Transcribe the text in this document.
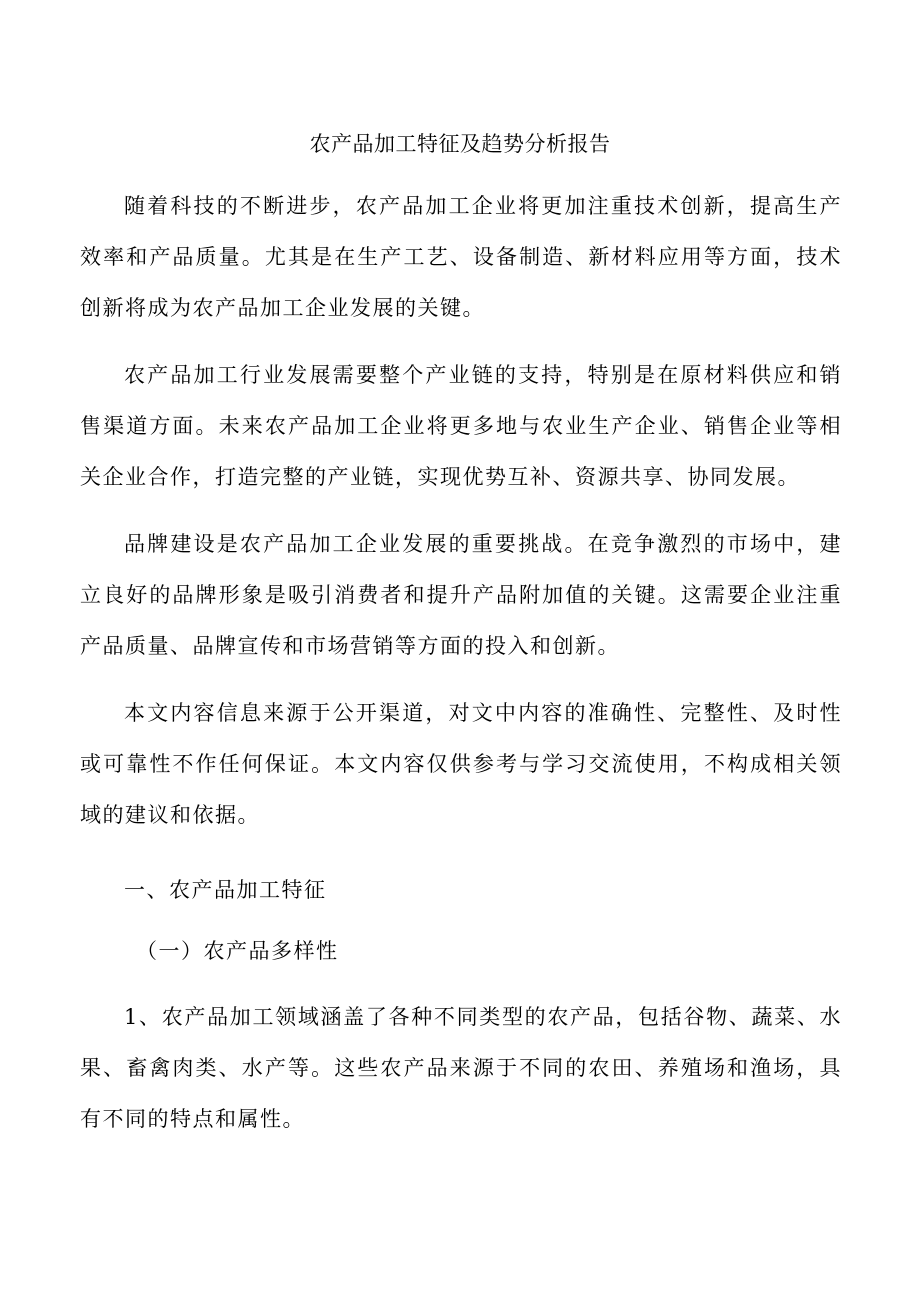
农产品加工特征及趋势分析报告

随着科技的不断进步，农产品加工企业将更加注重技术创新，提高生产效率和产品质量。尤其是在生产工艺、设备制造、新材料应用等方面，技术创新将成为农产品加工企业发展的关键。

农产品加工行业发展需要整个产业链的支持，特别是在原材料供应和销售渠道方面。未来农产品加工企业将更多地与农业生产企业、销售企业等相关企业合作，打造完整的产业链，实现优势互补、资源共享、协同发展。

品牌建设是农产品加工企业发展的重要挑战。在竞争激烈的市场中，建立良好的品牌形象是吸引消费者和提升产品附加值的关键。这需要企业注重产品质量、品牌宣传和市场营销等方面的投入和创新。

本文内容信息来源于公开渠道，对文中内容的准确性、完整性、及时性或可靠性不作任何保证。本文内容仅供参考与学习交流使用，不构成相关领域的建议和依据。

一、农产品加工特征
（一）农产品多样性

1、农产品加工领域涵盖了各种不同类型的农产品，包括谷物、蔬菜、水果、畜禽肉类、水产等。这些农产品来源于不同的农田、养殖场和渔场，具有不同的特点和属性。
